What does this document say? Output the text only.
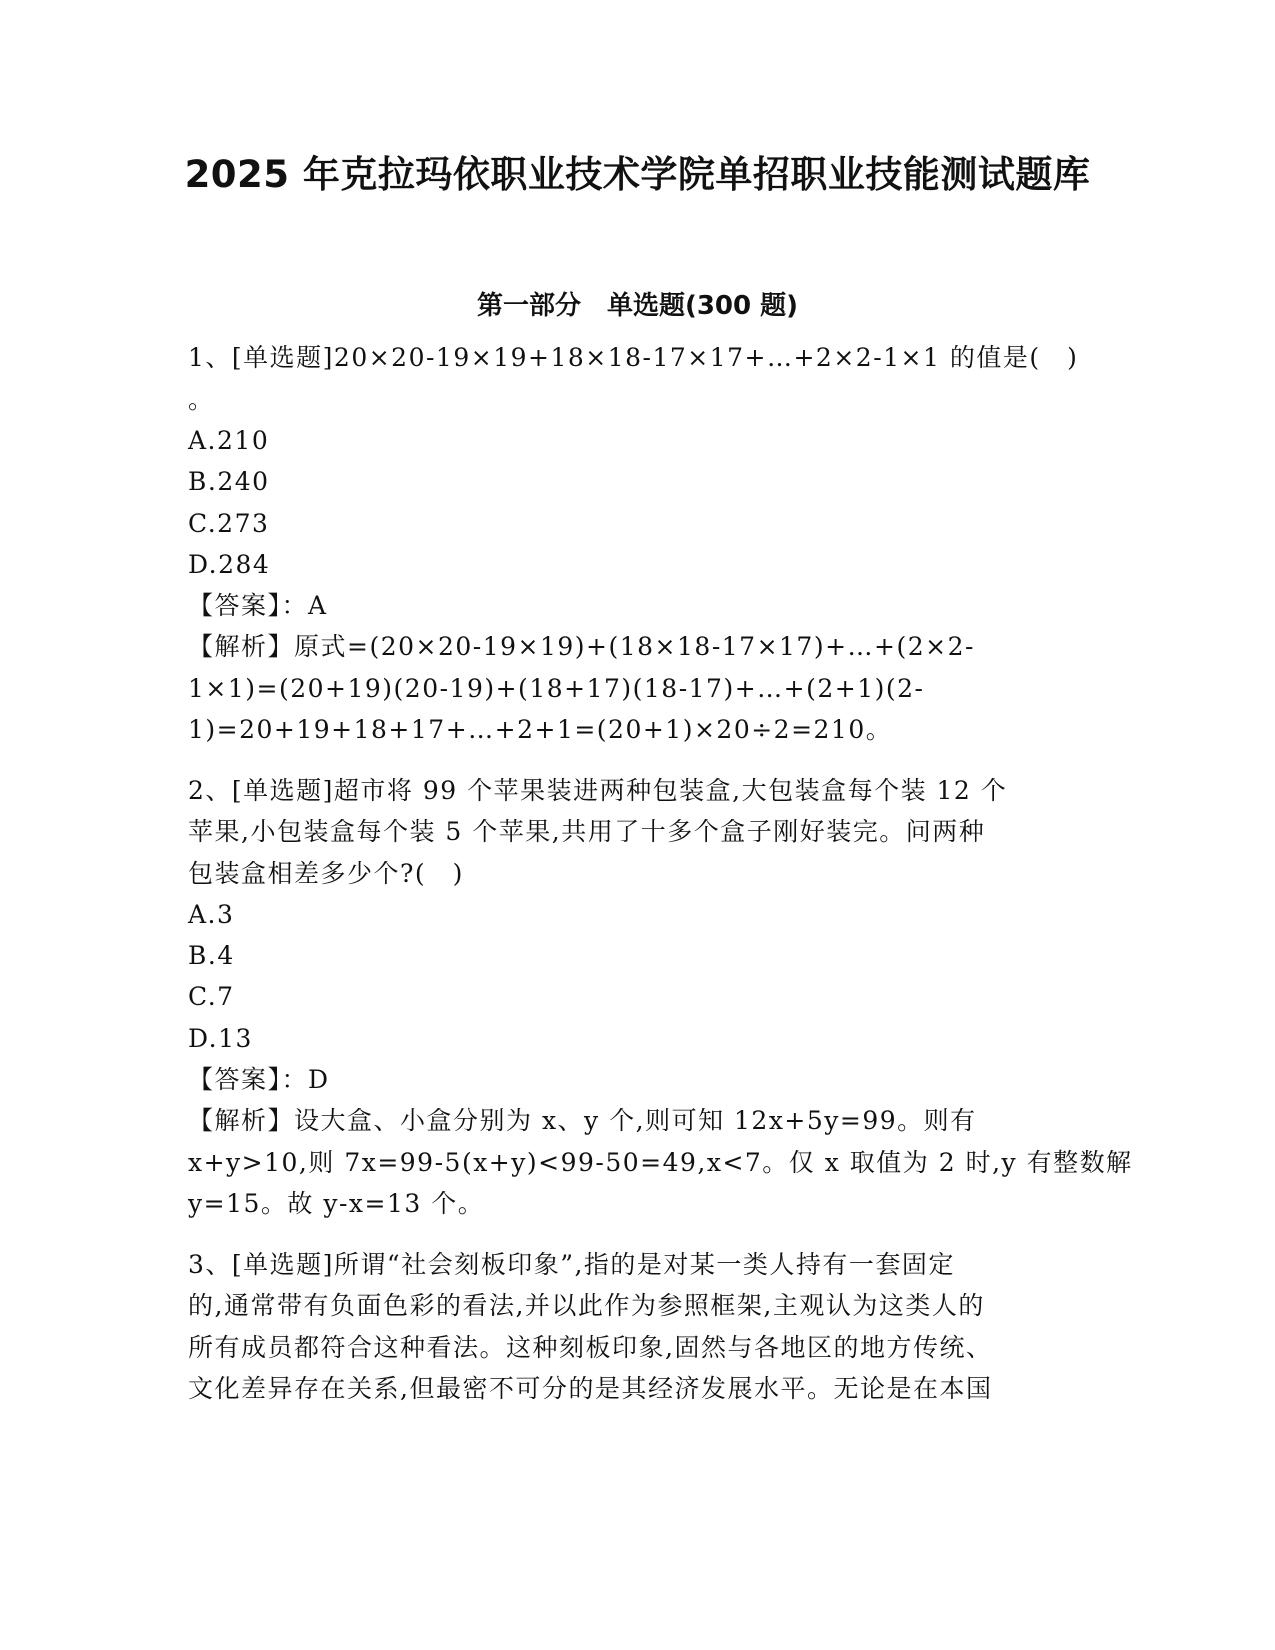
2025 年克拉玛依职业技术学院单招职业技能测试题库
第一部分　单选题(300 题)
1、[单选题]20×20-19×19+18×18-17×17+…+2×2-1×1 的值是(　)
。
A.210
B.240
C.273
D.284
【答案】：A
【解析】原式=(20×20-19×19)+(18×18-17×17)+…+(2×2-
1×1)=(20+19)(20-19)+(18+17)(18-17)+…+(2+1)(2-
1)=20+19+18+17+…+2+1=(20+1)×20÷2=210。
2、[单选题]超市将 99 个苹果装进两种包装盒,大包装盒每个装 12 个
苹果,小包装盒每个装 5 个苹果,共用了十多个盒子刚好装完。问两种
包装盒相差多少个?(　)
A.3
B.4
C.7
D.13
【答案】：D
【解析】设大盒、小盒分别为 x、y 个,则可知 12x+5y=99。则有
x+y>10,则 7x=99-5(x+y)<99-50=49,x<7。仅 x 取值为 2 时,y 有整数解
y=15。故 y-x=13 个。
3、[单选题]所谓“社会刻板印象”,指的是对某一类人持有一套固定
的,通常带有负面色彩的看法,并以此作为参照框架,主观认为这类人的
所有成员都符合这种看法。这种刻板印象,固然与各地区的地方传统、
文化差异存在关系,但最密不可分的是其经济发展水平。无论是在本国
